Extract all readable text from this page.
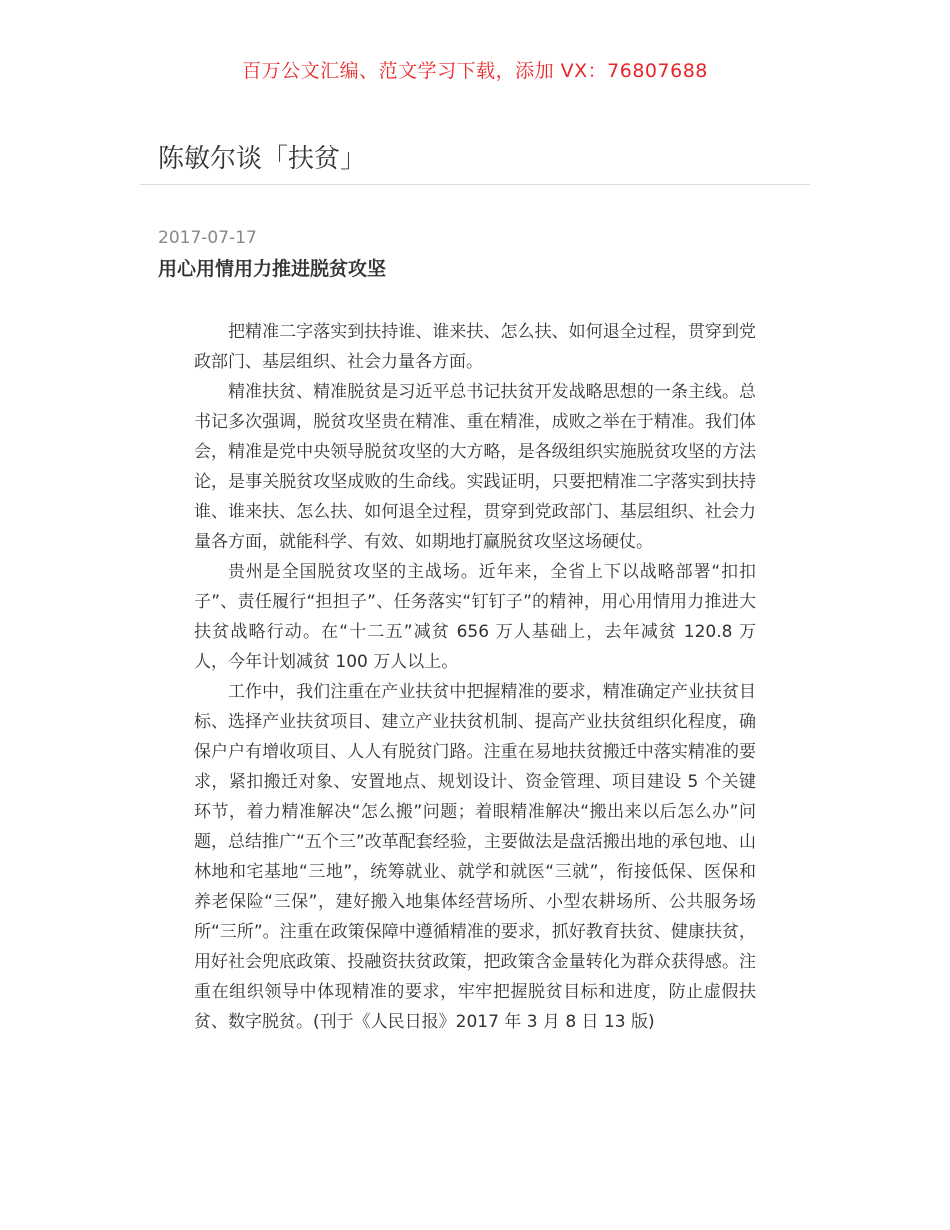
百万公文汇编、范文学习下载，添加 VX：76807688
陈敏尔谈「扶贫」
2017-07-17
用心用情用力推进脱贫攻坚

把精准二字落实到扶持谁、谁来扶、怎么扶、如何退全过程，贯穿到党政部门、基层组织、社会力量各方面。

精准扶贫、精准脱贫是习近平总书记扶贫开发战略思想的一条主线。总书记多次强调，脱贫攻坚贵在精准、重在精准，成败之举在于精准。我们体会，精准是党中央领导脱贫攻坚的大方略，是各级组织实施脱贫攻坚的方法论，是事关脱贫攻坚成败的生命线。实践证明，只要把精准二字落实到扶持谁、谁来扶、怎么扶、如何退全过程，贯穿到党政部门、基层组织、社会力量各方面，就能科学、有效、如期地打赢脱贫攻坚这场硬仗。

贵州是全国脱贫攻坚的主战场。近年来，全省上下以战略部署“扣扣子”、责任履行“担担子”、任务落实“钉钉子”的精神，用心用情用力推进大扶贫战略行动。在“十二五”减贫 656 万人基础上，去年减贫 120.8 万人，今年计划减贫 100 万人以上。

工作中，我们注重在产业扶贫中把握精准的要求，精准确定产业扶贫目标、选择产业扶贫项目、建立产业扶贫机制、提高产业扶贫组织化程度，确保户户有增收项目、人人有脱贫门路。注重在易地扶贫搬迁中落实精准的要求，紧扣搬迁对象、安置地点、规划设计、资金管理、项目建设 5 个关键环节，着力精准解决“怎么搬”问题；着眼精准解决“搬出来以后怎么办”问题，总结推广“五个三”改革配套经验，主要做法是盘活搬出地的承包地、山林地和宅基地“三地”，统筹就业、就学和就医“三就”，衔接低保、医保和养老保险“三保”，建好搬入地集体经营场所、小型农耕场所、公共服务场所“三所”。注重在政策保障中遵循精准的要求，抓好教育扶贫、健康扶贫，用好社会兜底政策、投融资扶贫政策，把政策含金量转化为群众获得感。注重在组织领导中体现精准的要求，牢牢把握脱贫目标和进度，防止虚假扶贫、数字脱贫。(刊于《人民日报》2017 年 3 月 8 日 13 版)
